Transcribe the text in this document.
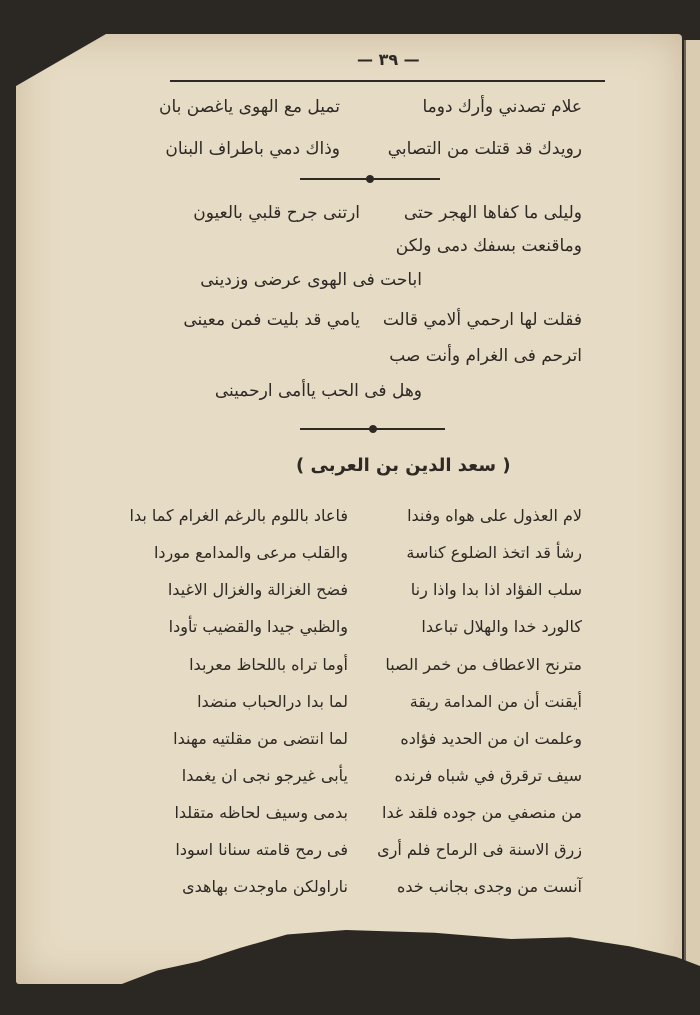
— ٣٩ —
علام تصدني وأرك دوما
تميل مع الهوى ياغصن بان
رويدك قد قتلت من التصابي
وذاك دمي باطراف البنان
وليلى ما كفاها الهجر حتى
ارتنى جرح قلبي بالعيون
وماقنعت بسفك دمى ولكن
اباحت فى الهوى عرضى وزدينى
فقلت لها ارحمي ألامي قالت
يامي قد بليت فمن معينى
اترحم فى الغرام وأنت صب
وهل فى الحب ياأمى ارحمينى
( سعد الدين بن العربى )
لام العذول على هواه وفندا
رشأ قد اتخذ الضلوع كناسة
سلب الفؤاد اذا بدا واذا رنا
كالورد خدا والهلال تباعدا
مترنح الاعطاف من خمر الصبا
أيقنت أن من المدامة ريقة
وعلمت ان من الحديد فؤاده
سيف ترقرق في شباه فرنده
من منصفي من جوده فلقد غدا
زرق الاسنة فى الرماح فلم أرى
آنست من وجدى بجانب خده
فاعاد باللوم بالرغم الغرام كما بدا
والقلب مرعى والمدامع موردا
فضح الغزالة والغزال الاغيدا
والظبي جيدا والقضيب تأودا
أوما تراه باللحاظ معربدا
لما بدا درالحباب منضدا
لما انتضى من مقلتيه مهندا
يأبى غيرجو نجى ان يغمدا
بدمى وسيف لحاظه متقلدا
فى رمح قامته سنانا اسودا
ناراولكن ماوجدت بهاهدى
